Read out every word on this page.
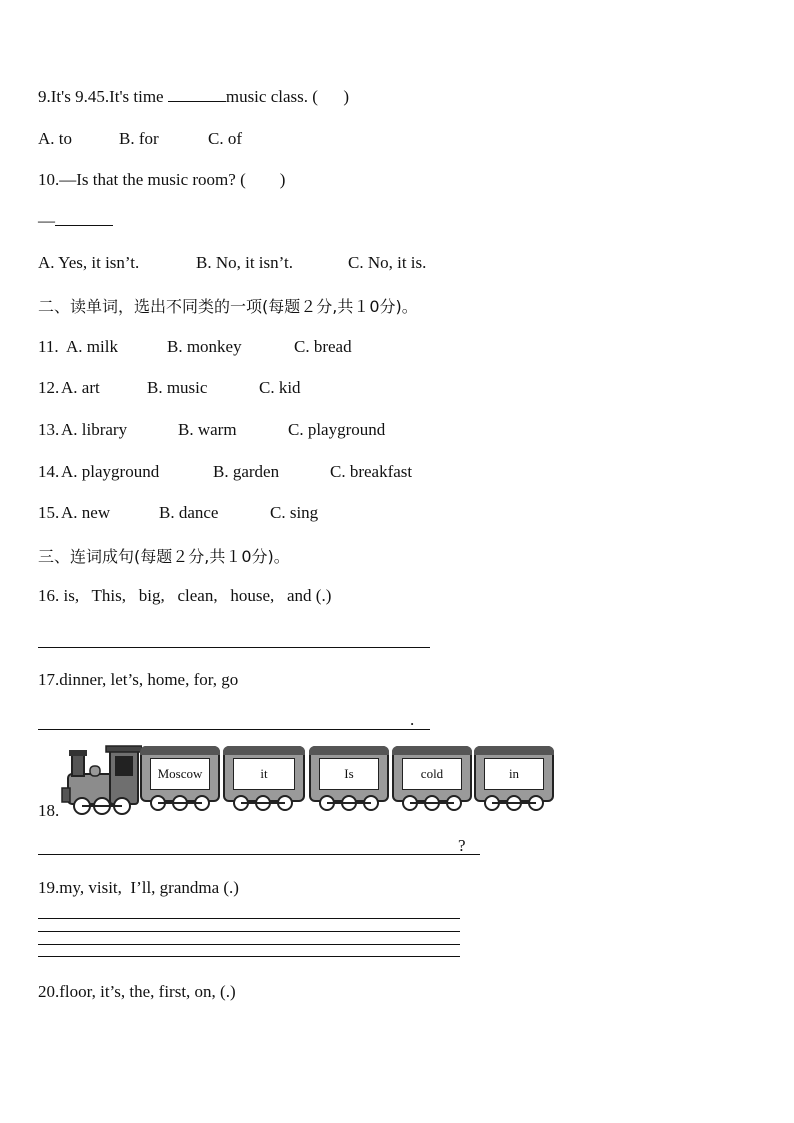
9.It's 9.45.It's time	music class. (      )
A. to	B. for	C. of
10.—Is that the music room? (        )
—
A. Yes, it isn’t.	B. No, it isn’t.	C. No, it is.
二、读单词，选出不同类的一项(每题２分,共１0分)。
11. A. milk	B. monkey	C. bread
12. A. art	B. music	C. kid
13. A. library	B. warm	C. playground
14. A. playground	B. garden	C. breakfast
15. A. new	B. dance	C. sing
三、连词成句(每题２分,共１0分)。
16. is,   This,   big,   clean,   house,   and (.)
17.dinner, let’s, home, for, go
.
18.
Moscow	it	Is	cold	in
?
19.my, visit,  I’ll, grandma (.)
20.floor, it’s, the, first, on, (.)
